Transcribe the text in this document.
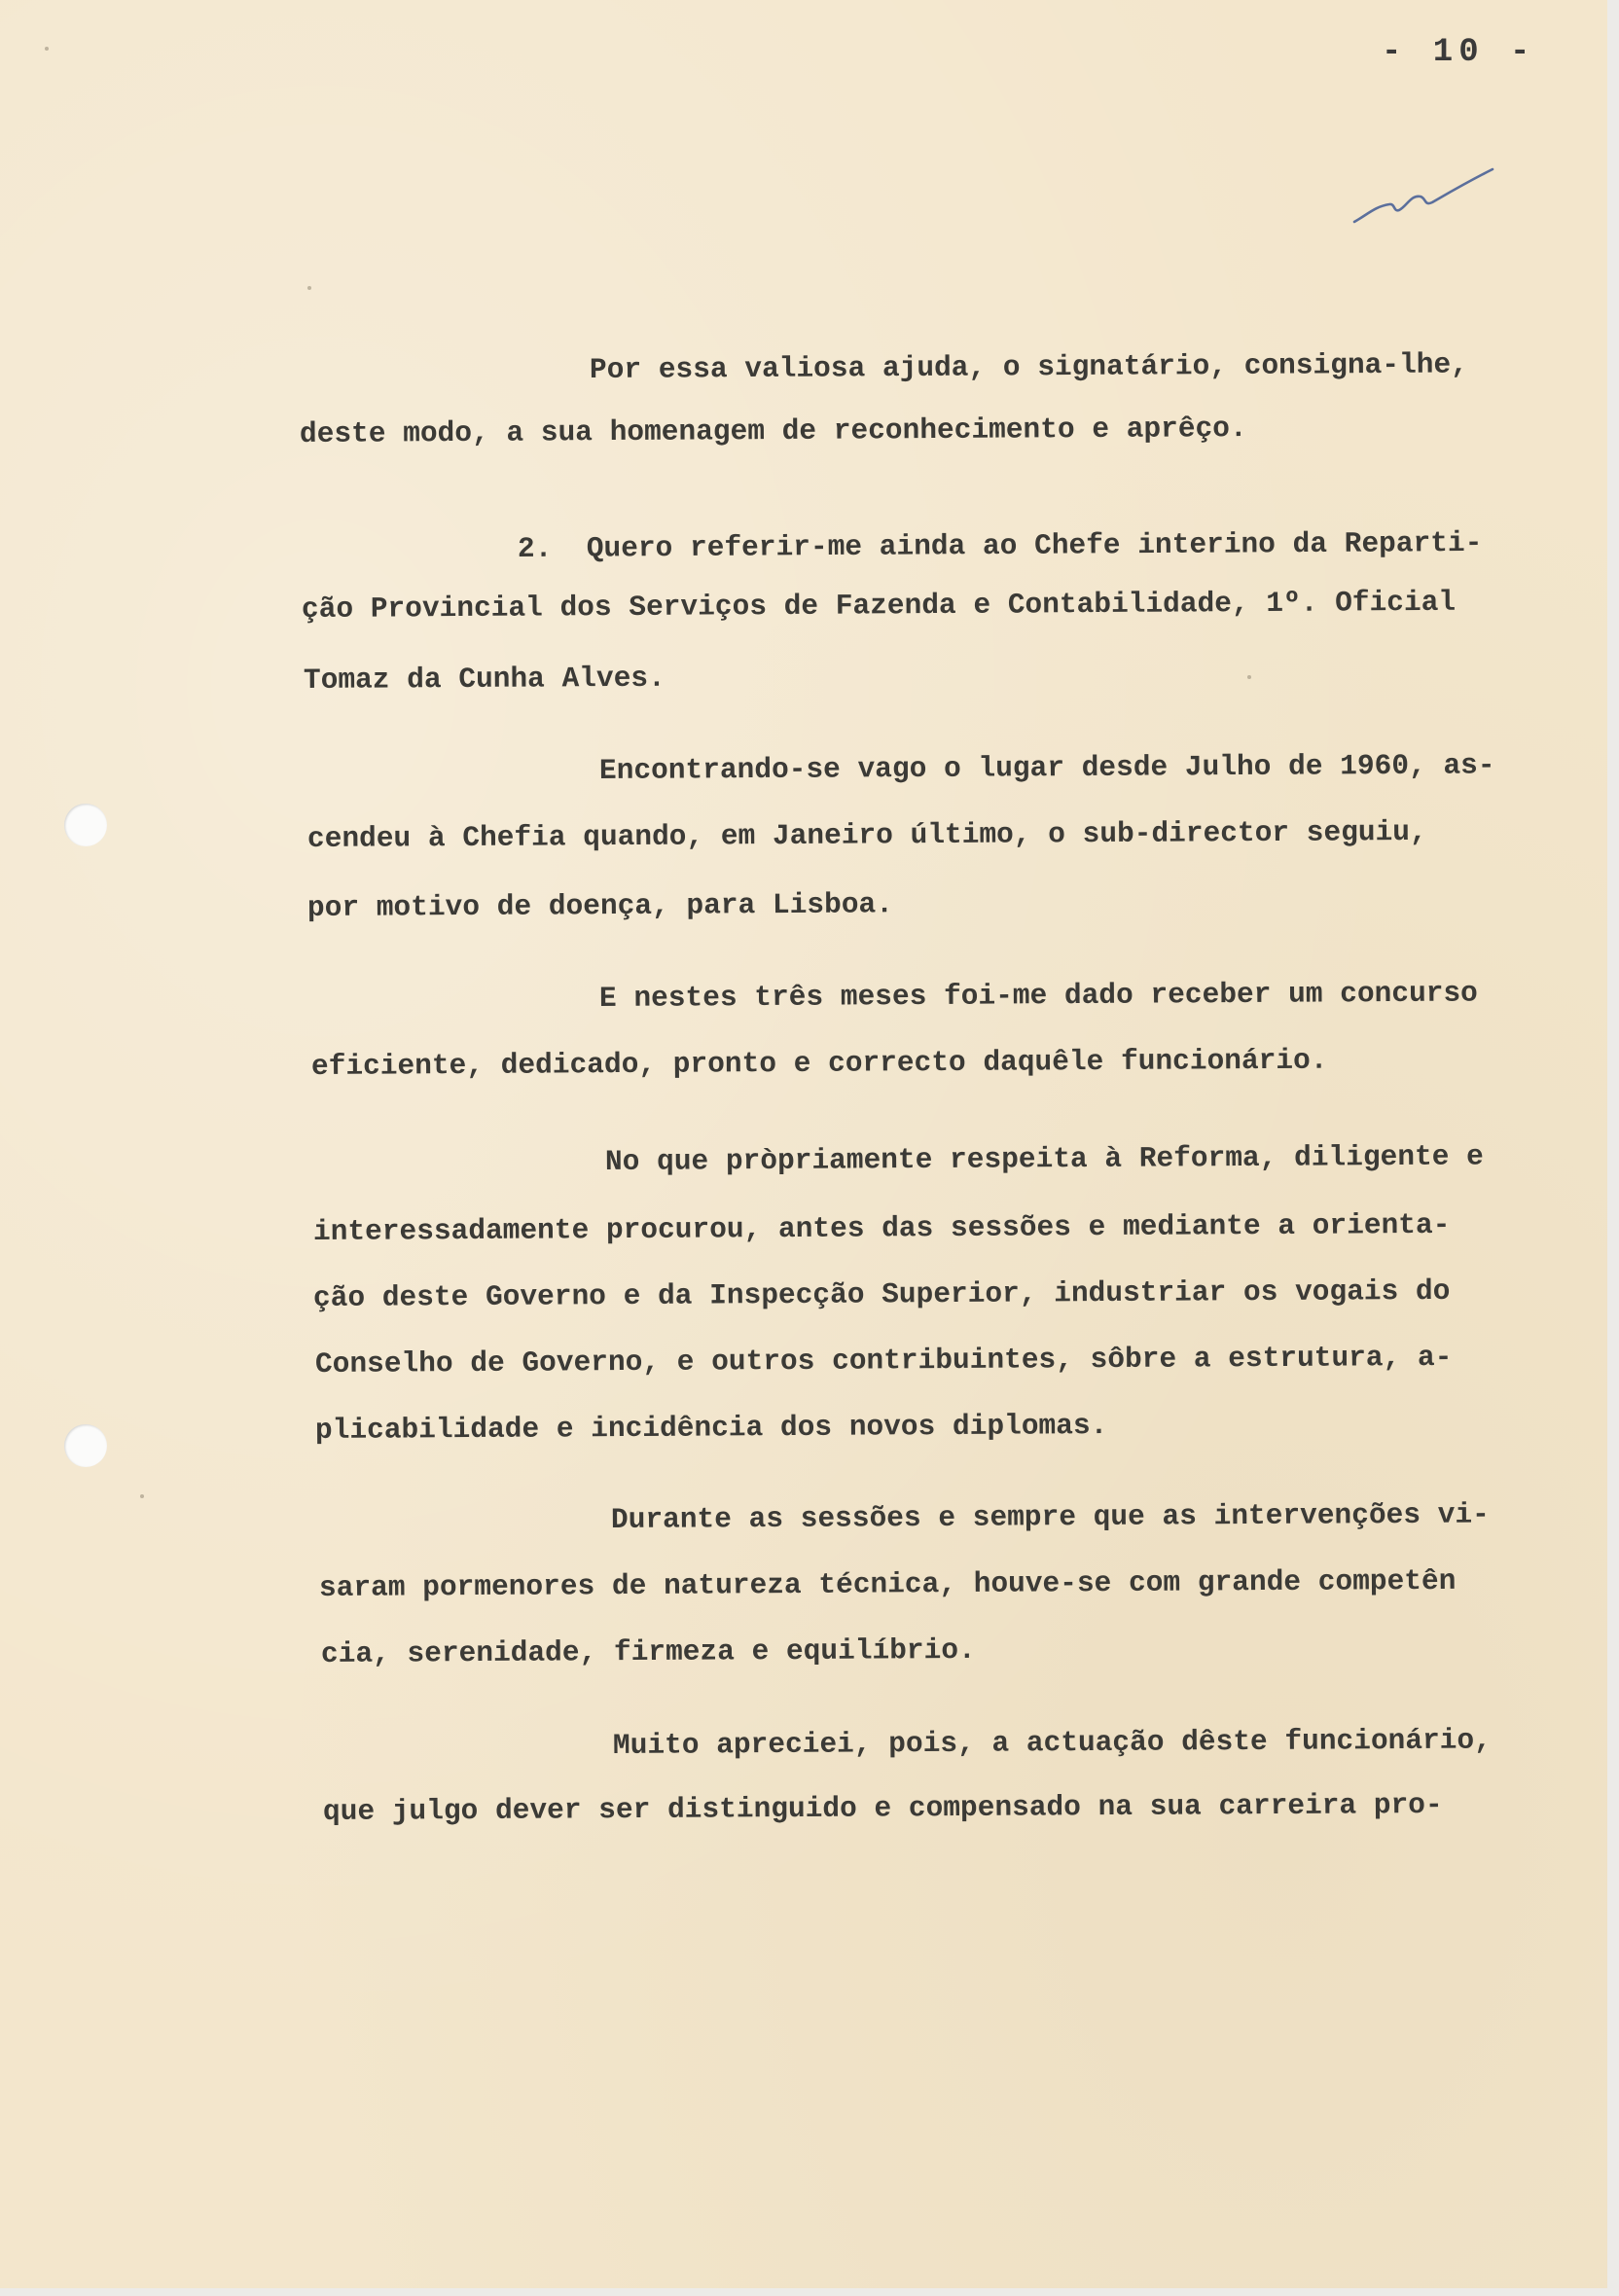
- 10 -
Por essa valiosa ajuda, o signatário, consigna-lhe,
deste modo, a sua homenagem de reconhecimento e aprêço.
2.  Quero referir-me ainda ao Chefe interino da Reparti-
ção Provincial dos Serviços de Fazenda e Contabilidade, 1º. Oficial
Tomaz da Cunha Alves.
Encontrando-se vago o lugar desde Julho de 1960, as-
cendeu à Chefia quando, em Janeiro último, o sub-director seguiu,
por motivo de doença, para Lisboa.
E nestes três meses foi-me dado receber um concurso
eficiente, dedicado, pronto e correcto daquêle funcionário.
No que pròpriamente respeita à Reforma, diligente e
interessadamente procurou, antes das sessões e mediante a orienta-
ção deste Governo e da Inspecção Superior, industriar os vogais do
Conselho de Governo, e outros contribuintes, sôbre a estrutura, a-
plicabilidade e incidência dos novos diplomas.
Durante as sessões e sempre que as intervenções vi-
saram pormenores de natureza técnica, houve-se com grande competên
cia, serenidade, firmeza e equilíbrio.
Muito apreciei, pois, a actuação dêste funcionário,
que julgo dever ser distinguido e compensado na sua carreira pro-
